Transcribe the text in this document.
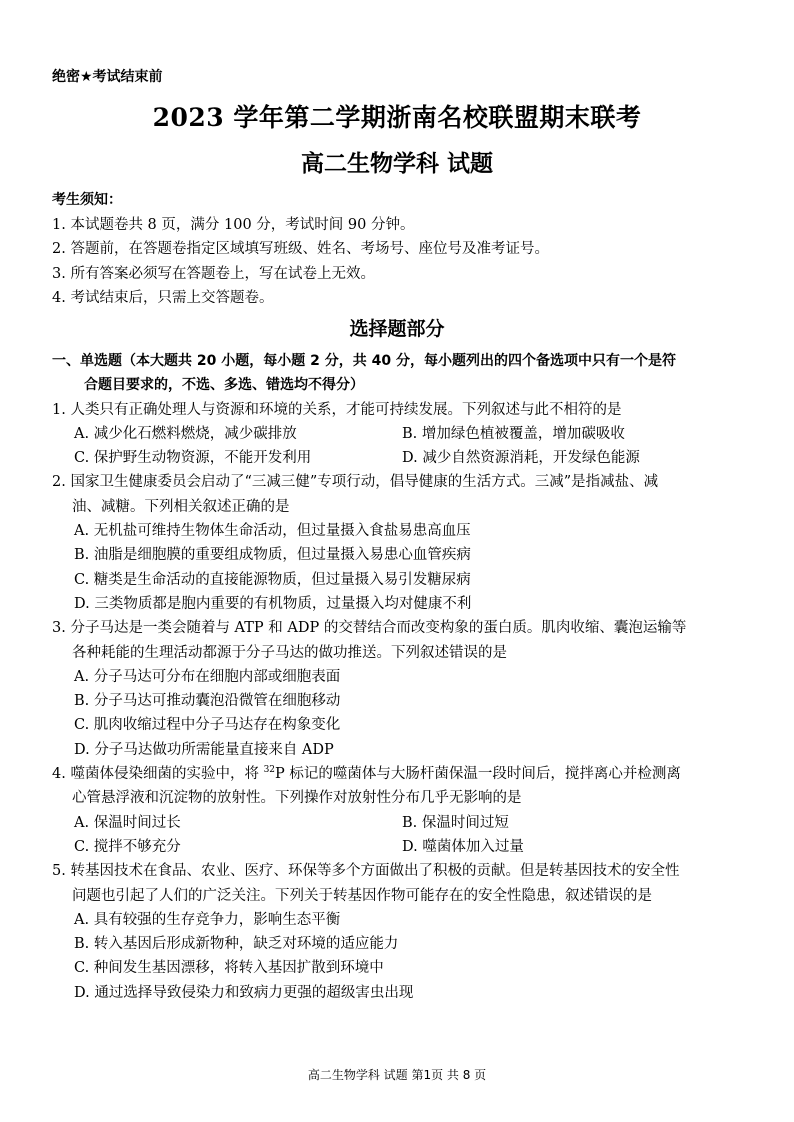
绝密★考试结束前
2023 学年第二学期浙南名校联盟期末联考
高二生物学科 试题
考生须知：
1. 本试题卷共 8 页，满分 100 分，考试时间 90 分钟。
2. 答题前，在答题卷指定区域填写班级、姓名、考场号、座位号及准考证号。
3. 所有答案必须写在答题卷上，写在试卷上无效。
4. 考试结束后，只需上交答题卷。
选择题部分
一、单选题（本大题共 20 小题，每小题 2 分，共 40 分，每小题列出的四个备选项中只有一个是符
合题目要求的，不选、多选、错选均不得分）
1. 人类只有正确处理人与资源和环境的关系，才能可持续发展。下列叙述与此不相符的是
A. 减少化石燃料燃烧，减少碳排放	B. 增加绿色植被覆盖，增加碳吸收
C. 保护野生动物资源，不能开发利用	D. 减少自然资源消耗，开发绿色能源
2. 国家卫生健康委员会启动了“三减三健”专项行动，倡导健康的生活方式。三减”是指减盐、减
油、减糖。下列相关叙述正确的是
A. 无机盐可维持生物体生命活动，但过量摄入食盐易患高血压
B. 油脂是细胞膜的重要组成物质，但过量摄入易患心血管疾病
C. 糖类是生命活动的直接能源物质，但过量摄入易引发糖尿病
D. 三类物质都是胞内重要的有机物质，过量摄入均对健康不利
3. 分子马达是一类会随着与 ATP 和 ADP 的交替结合而改变构象的蛋白质。肌肉收缩、囊泡运输等
各种耗能的生理活动都源于分子马达的做功推送。下列叙述错误的是
A. 分子马达可分布在细胞内部或细胞表面
B. 分子马达可推动囊泡沿微管在细胞移动
C. 肌肉收缩过程中分子马达存在构象变化
D. 分子马达做功所需能量直接来自 ADP
4. 噬菌体侵染细菌的实验中，将 $^{32}$P 标记的噬菌体与大肠杆菌保温一段时间后，搅拌离心并检测离
心管悬浮液和沉淀物的放射性。下列操作对放射性分布几乎无影响的是
A. 保温时间过长	B. 保温时间过短
C. 搅拌不够充分	D. 噬菌体加入过量
5. 转基因技术在食品、农业、医疗、环保等多个方面做出了积极的贡献。但是转基因技术的安全性
问题也引起了人们的广泛关注。下列关于转基因作物可能存在的安全性隐患，叙述错误的是
A. 具有较强的生存竞争力，影响生态平衡
B. 转入基因后形成新物种，缺乏对环境的适应能力
C. 种间发生基因漂移，将转入基因扩散到环境中
D. 通过选择导致侵染力和致病力更强的超级害虫出现
高二生物学科 试题 第1页 共 8 页
